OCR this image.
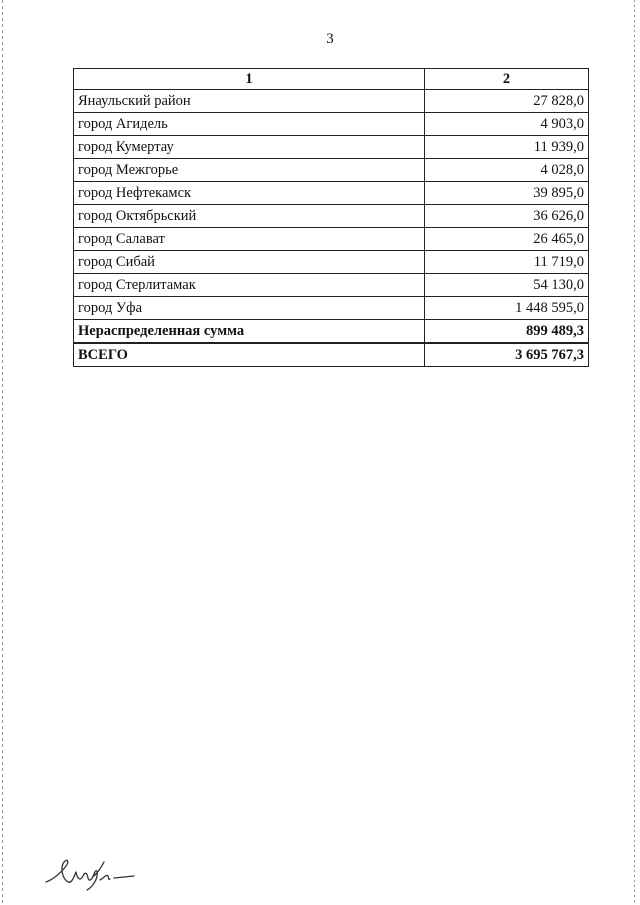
3
1	2
Янаульский район	27 828,0
город Агидель	4 903,0
город Кумертау	11 939,0
город Межгорье	4 028,0
город Нефтекамск	39 895,0
город Октябрьский	36 626,0
город Салават	26 465,0
город Сибай	11 719,0
город Стерлитамак	54 130,0
город Уфа	1 448 595,0
Нераспределенная сумма	899 489,3
ВСЕГО	3 695 767,3
